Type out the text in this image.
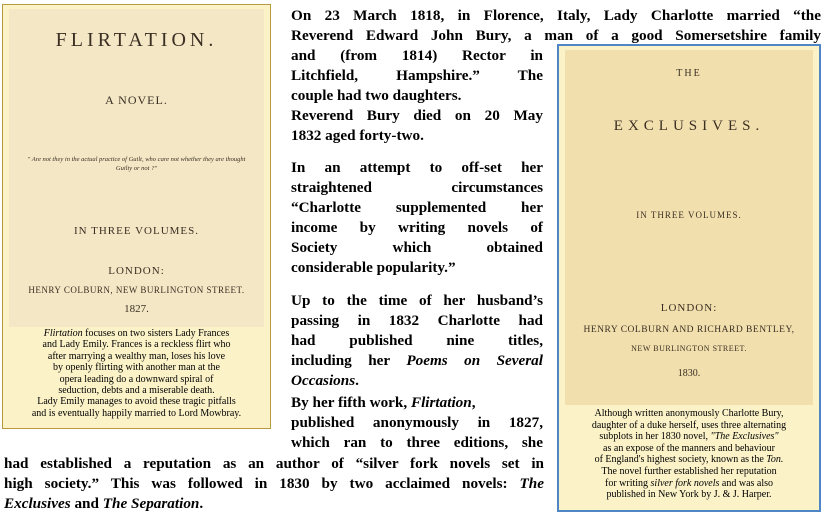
FLIRTATION.
A NOVEL.
" Are not they in the actual practice of Guilt, who care not whether they are thought Guilty or not ?"
IN THREE VOLUMES.
LONDON:
HENRY COLBURN, NEW BURLINGTON STREET.
1827.
Flirtation focuses on two sisters Lady Frances
and Lady Emily. Frances is a reckless flirt who
after marrying a wealthy man, loses his love
by openly flirting with another man at the
opera leading do a downward spiral of
seduction, debts and a miserable death.
Lady Emily manages to avoid these tragic pitfalls
and is eventually happily married to Lord Mowbray.
On 23 March 1818, in Florence, Italy, Lady Charlotte married “the
Reverend Edward John Bury, a man of a good Somersetshire family
and (from 1814) Rector in
Litchfield, Hampshire.” The
couple had two daughters.
Reverend Bury died on 20 May
1832 aged forty-two.
In an attempt to off-set her
straightened circumstances
“Charlotte supplemented her
income by writing novels of
Society which obtained
considerable popularity.”
Up to the time of her husband’s
passing in 1832 Charlotte had
had published nine titles,
including her Poems on Several
Occasions.
By her fifth work, Flirtation,
published anonymously in 1827,
which ran to three editions, she
had established a reputation as an author of “silver fork novels set in
high society.” This was followed in 1830 by two acclaimed novels: The
Exclusives and The Separation.
THE
EXCLUSIVES.
IN THREE VOLUMES.
LONDON:
HENRY COLBURN AND RICHARD BENTLEY,
NEW BURLINGTON STREET.
1830.
Although written anonymously Charlotte Bury,
daughter of a duke herself, uses three alternating
subplots in her 1830 novel, "The Exclusives"
as an expose of the manners and behaviour
of England's highest society, known as the Ton.
The novel further established her reputation
for writing silver fork novels and was also
published in New York by J. & J. Harper.
